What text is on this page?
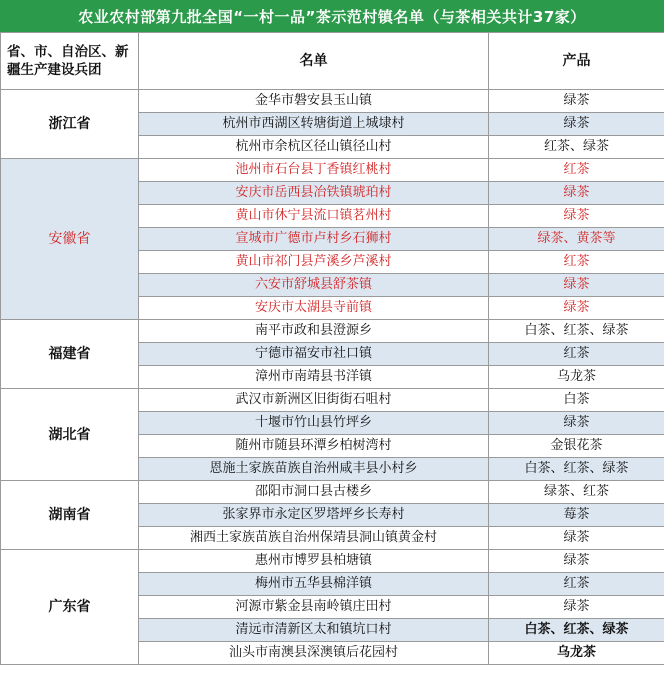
农业农村部第九批全国“一村一品”茶示范村镇名单（与茶相关共计37家）
省、市、自治区、新疆生产建设兵团	名单	产品
浙江省	金华市磐安县玉山镇	绿茶
	杭州市西湖区转塘街道上城埭村	绿茶
	杭州市余杭区径山镇径山村	红茶、绿茶
安徽省	池州市石台县丁香镇红桃村	红茶
	安庆市岳西县冶铁镇琥珀村	绿茶
	黄山市休宁县流口镇茗州村	绿茶
	宣城市广德市卢村乡石狮村	绿茶、黄茶等
	黄山市祁门县芦溪乡芦溪村	红茶
	六安市舒城县舒茶镇	绿茶
	安庆市太湖县寺前镇	绿茶
福建省	南平市政和县澄源乡	白茶、红茶、绿茶
	宁德市福安市社口镇	红茶
	漳州市南靖县书洋镇	乌龙茶
湖北省	武汉市新洲区旧街街石咀村	白茶
	十堰市竹山县竹坪乡	绿茶
	随州市随县环潭乡柏树湾村	金银花茶
	恩施土家族苗族自治州咸丰县小村乡	白茶、红茶、绿茶
湖南省	邵阳市洞口县古楼乡	绿茶、红茶
	张家界市永定区罗塔坪乡长寿村	莓茶
	湘西土家族苗族自治州保靖县洞山镇黄金村	绿茶
广东省	惠州市博罗县柏塘镇	绿茶
	梅州市五华县棉洋镇	红茶
	河源市紫金县南岭镇庄田村	绿茶
	清远市清新区太和镇坑口村	白茶、红茶、绿茶
	汕头市南澳县深澳镇后花园村	乌龙茶
